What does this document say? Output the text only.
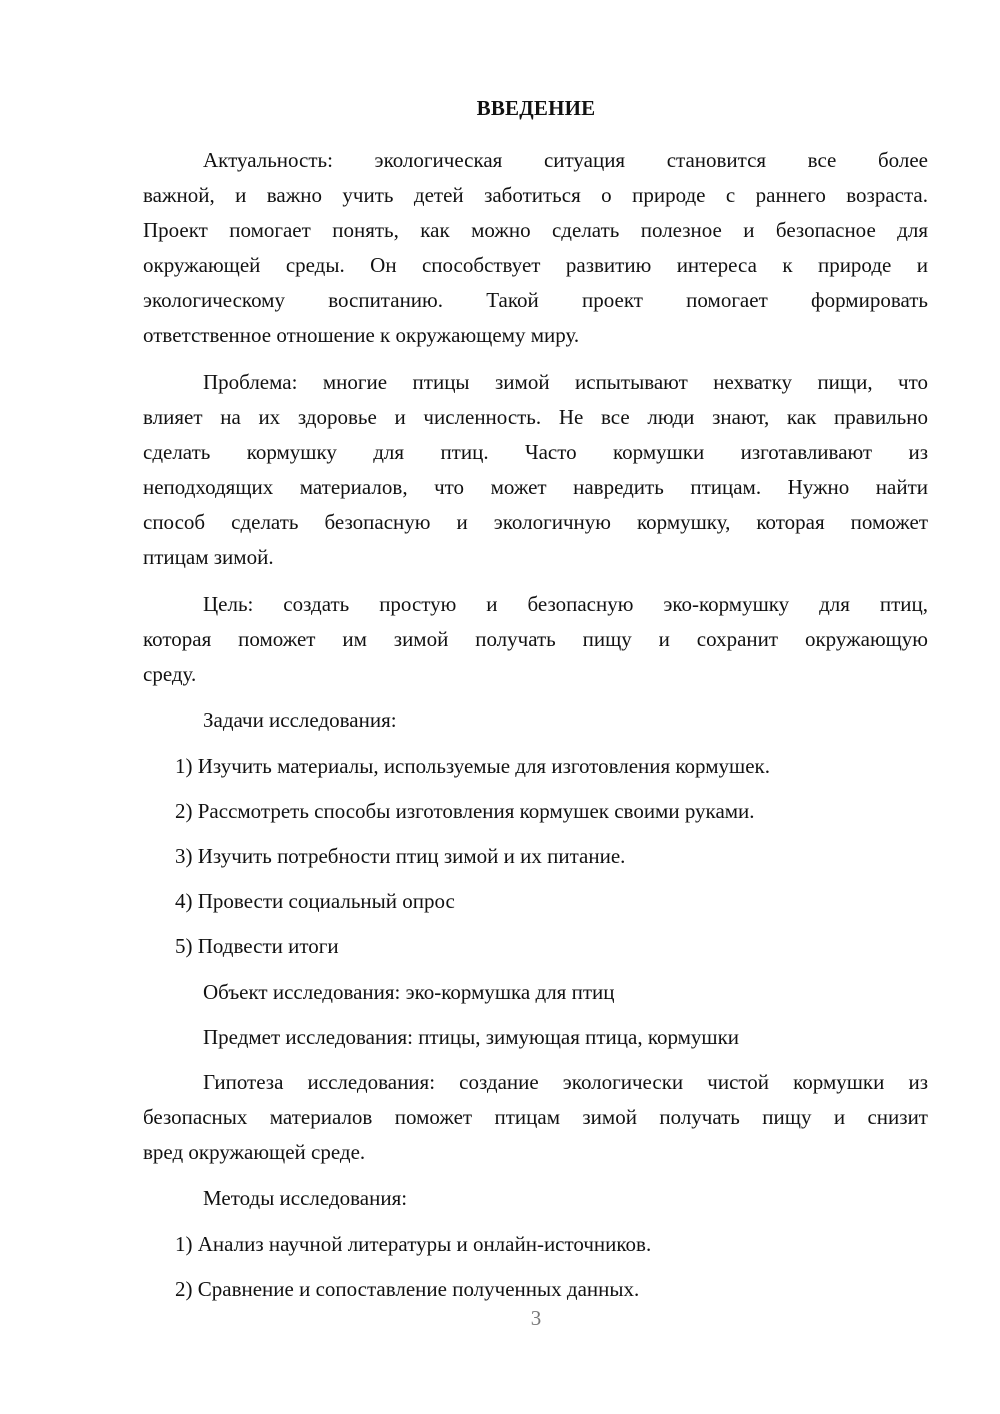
ВВЕДЕНИЕ
Актуальность: экологическая ситуация становится все более
важной, и важно учить детей заботиться о природе с раннего возраста.
Проект помогает понять, как можно сделать полезное и безопасное для
окружающей среды. Он способствует развитию интереса к природе и
экологическому воспитанию. Такой проект помогает формировать
ответственное отношение к окружающему миру.
Проблема: многие птицы зимой испытывают нехватку пищи, что
влияет на их здоровье и численность. Не все люди знают, как правильно
сделать кормушку для птиц. Часто кормушки изготавливают из
неподходящих материалов, что может навредить птицам. Нужно найти
способ сделать безопасную и экологичную кормушку, которая поможет
птицам зимой.
Цель: создать простую и безопасную эко-кормушку для птиц,
которая поможет им зимой получать пищу и сохранит окружающую
среду.
Задачи исследования:
1) Изучить материалы, используемые для изготовления кормушек.
2) Рассмотреть способы изготовления кормушек своими руками.
3) Изучить потребности птиц зимой и их питание.
4) Провести социальный опрос
5) Подвести итоги
Объект исследования: эко-кормушка для птиц
Предмет исследования: птицы, зимующая птица, кормушки
Гипотеза исследования: создание экологически чистой кормушки из
безопасных материалов поможет птицам зимой получать пищу и снизит
вред окружающей среде.
Методы исследования:
1) Анализ научной литературы и онлайн-источников.
2) Сравнение и сопоставление полученных данных.
3
